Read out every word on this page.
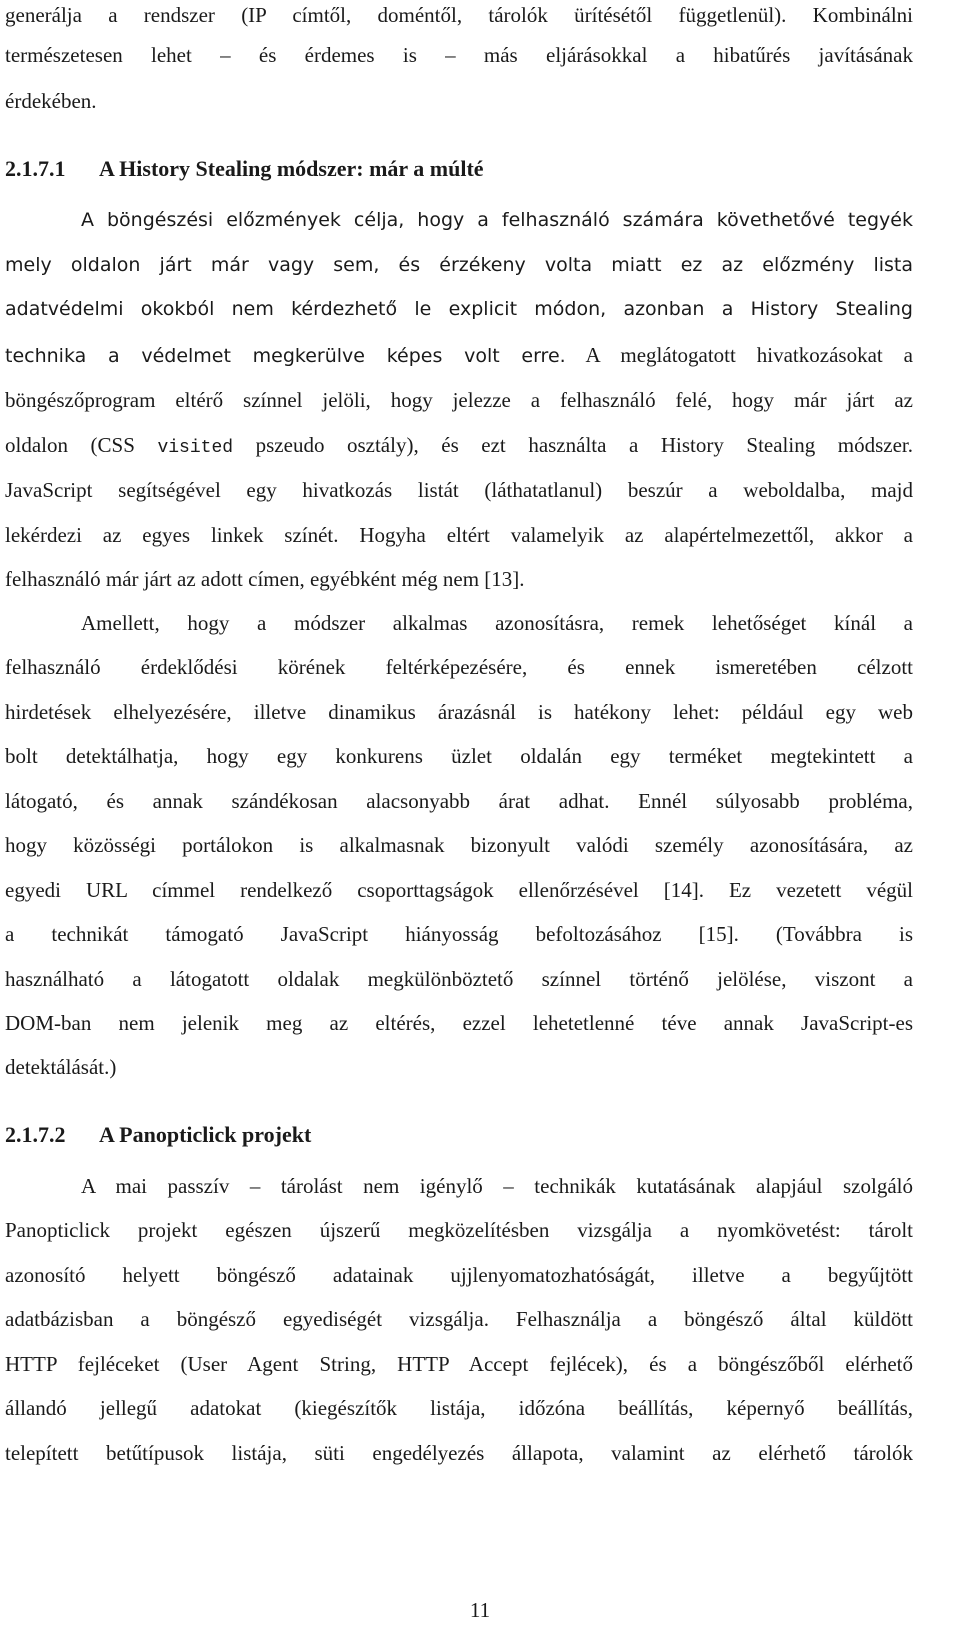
generálja a rendszer (IP címtől, doméntől, tárolók ürítésétől függetlenül). Kombinálni
természetesen lehet – és érdemes is – más eljárásokkal a hibatűrés javításának
érdekében.
2.1.7.1 A History Stealing módszer: már a múlté
A böngészési előzmények célja, hogy a felhasználó számára követhetővé tegyék
mely oldalon járt már vagy sem, és érzékeny volta miatt ez az előzmény lista
adatvédelmi okokból nem kérdezhető le explicit módon, azonban a History Stealing
technika a védelmet megkerülve képes volt erre. A meglátogatott hivatkozásokat a
böngészőprogram eltérő színnel jelöli, hogy jelezze a felhasználó felé, hogy már járt az
oldalon (CSS visited pszeudo osztály), és ezt használta a History Stealing módszer.
JavaScript segítségével egy hivatkozás listát (láthatatlanul) beszúr a weboldalba, majd
lekérdezi az egyes linkek színét. Hogyha eltért valamelyik az alapértelmezettől, akkor a
felhasználó már járt az adott címen, egyébként még nem [13].
Amellett, hogy a módszer alkalmas azonosításra, remek lehetőséget kínál a
felhasználó érdeklődési körének feltérképezésére, és ennek ismeretében célzott
hirdetések elhelyezésére, illetve dinamikus árazásnál is hatékony lehet: például egy web
bolt detektálhatja, hogy egy konkurens üzlet oldalán egy terméket megtekintett a
látogató, és annak szándékosan alacsonyabb árat adhat. Ennél súlyosabb probléma,
hogy közösségi portálokon is alkalmasnak bizonyult valódi személy azonosítására, az
egyedi URL címmel rendelkező csoporttagságok ellenőrzésével [14]. Ez vezetett végül
a technikát támogató JavaScript hiányosság befoltozásához [15]. (Továbbra is
használható a látogatott oldalak megkülönböztető színnel történő jelölése, viszont a
DOM-ban nem jelenik meg az eltérés, ezzel lehetetlenné téve annak JavaScript-es
detektálását.)
2.1.7.2 A Panopticlick projekt
A mai passzív – tárolást nem igénylő – technikák kutatásának alapjául szolgáló
Panopticlick projekt egészen újszerű megközelítésben vizsgálja a nyomkövetést: tárolt
azonosító helyett böngésző adatainak ujjlenyomatozhatóságát, illetve a begyűjtött
adatbázisban a böngésző egyediségét vizsgálja. Felhasználja a böngésző által küldött
HTTP fejléceket (User Agent String, HTTP Accept fejlécek), és a böngészőből elérhető
állandó jellegű adatokat (kiegészítők listája, időzóna beállítás, képernyő beállítás,
telepített betűtípusok listája, süti engedélyezés állapota, valamint az elérhető tárolók
11
